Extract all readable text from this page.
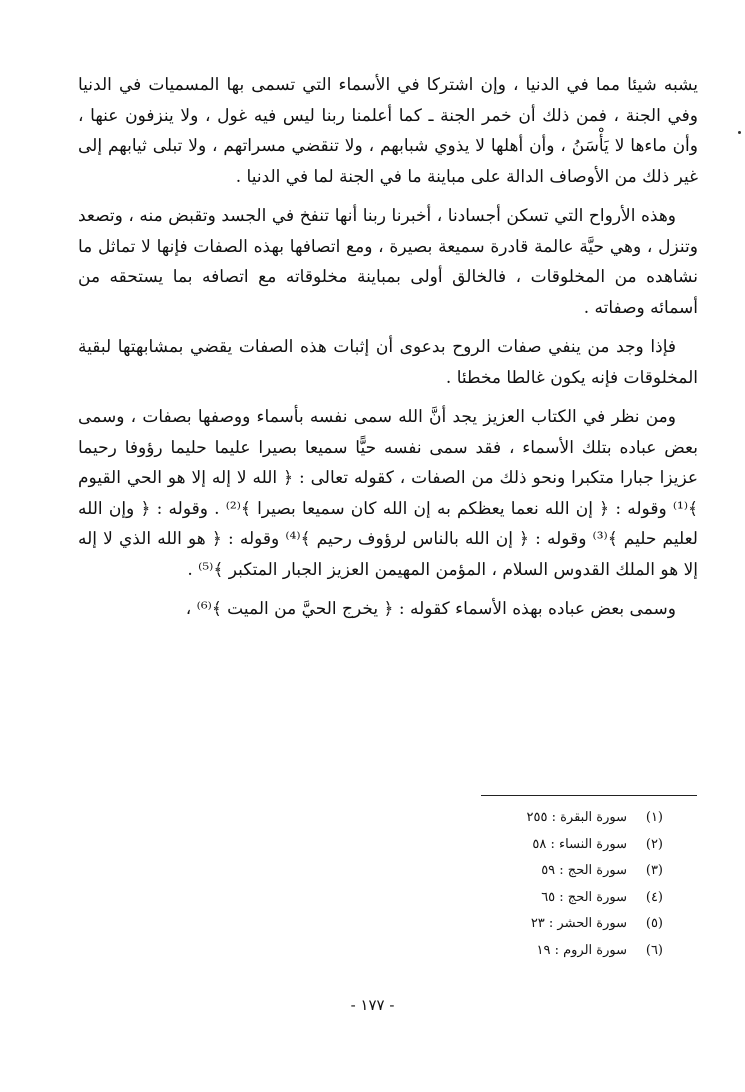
يشبه شيئا مما في الدنيا ، وإن اشتركا في الأسماء التي تسمى بها المسميات في الدنيا وفي الجنة ، فمن ذلك أن خمر الجنة ـ كما أعلمنا ربنا ليس فيه غول ، ولا ينزفون عنها ، وأن ماءها لا يَأْسَنُ ، وأن أهلها لا يذوي شبابهم ، ولا تنقضي مسراتهم ، ولا تبلى ثيابهم إلى غير ذلك من الأوصاف الدالة على مباينة ما في الجنة لما في الدنيا .

وهذه الأرواح التي تسكن أجسادنا ، أخبرنا ربنا أنها تنفخ في الجسد وتقبض منه ، وتصعد وتنزل ، وهي حيَّة عالمة قادرة سميعة بصيرة ، ومع اتصافها بهذه الصفات فإنها لا تماثل ما نشاهده من المخلوقات ، فالخالق أولى بمباينة مخلوقاته مع اتصافه بما يستحقه من أسمائه وصفاته .

فإذا وجد من ينفي صفات الروح بدعوى أن إثبات هذه الصفات يقضي بمشابهتها لبقية المخلوقات فإنه يكون غالطا مخطئا .

ومن نظر في الكتاب العزيز يجد أنَّ الله سمى نفسه بأسماء ووصفها بصفات ، وسمى بعض عباده بتلك الأسماء ، فقد سمى نفسه حيًّا سميعا بصيرا عليما حليما رؤوفا رحيما عزيزا جبارا متكبرا ونحو ذلك من الصفات ، كقوله تعالى : ﴿ الله لا إله إلا هو الحي القيوم ﴾⁽¹⁾ وقوله : ﴿ إن الله نعما يعظكم به إن الله كان سميعا بصيرا ﴾⁽²⁾ . وقوله : ﴿ وإن الله لعليم حليم ﴾⁽³⁾ وقوله : ﴿ إن الله بالناس لرؤوف رحيم ﴾⁽⁴⁾ وقوله : ﴿ هو الله الذي لا إله إلا هو الملك القدوس السلام ، المؤمن المهيمن العزيز الجبار المتكبر ﴾⁽⁵⁾ .

وسمى بعض عباده بهذه الأسماء كقوله : ﴿ يخرج الحيَّ من الميت ﴾⁽⁶⁾ ،

(١)سورة البقرة : ٢٥٥
(٢)سورة النساء : ٥٨
(٣)سورة الحج : ٥٩
(٤)سورة الحج : ٦٥
(٥)سورة الحشر : ٢٣
(٦)سورة الروم : ١٩
- ١٧٧ -
